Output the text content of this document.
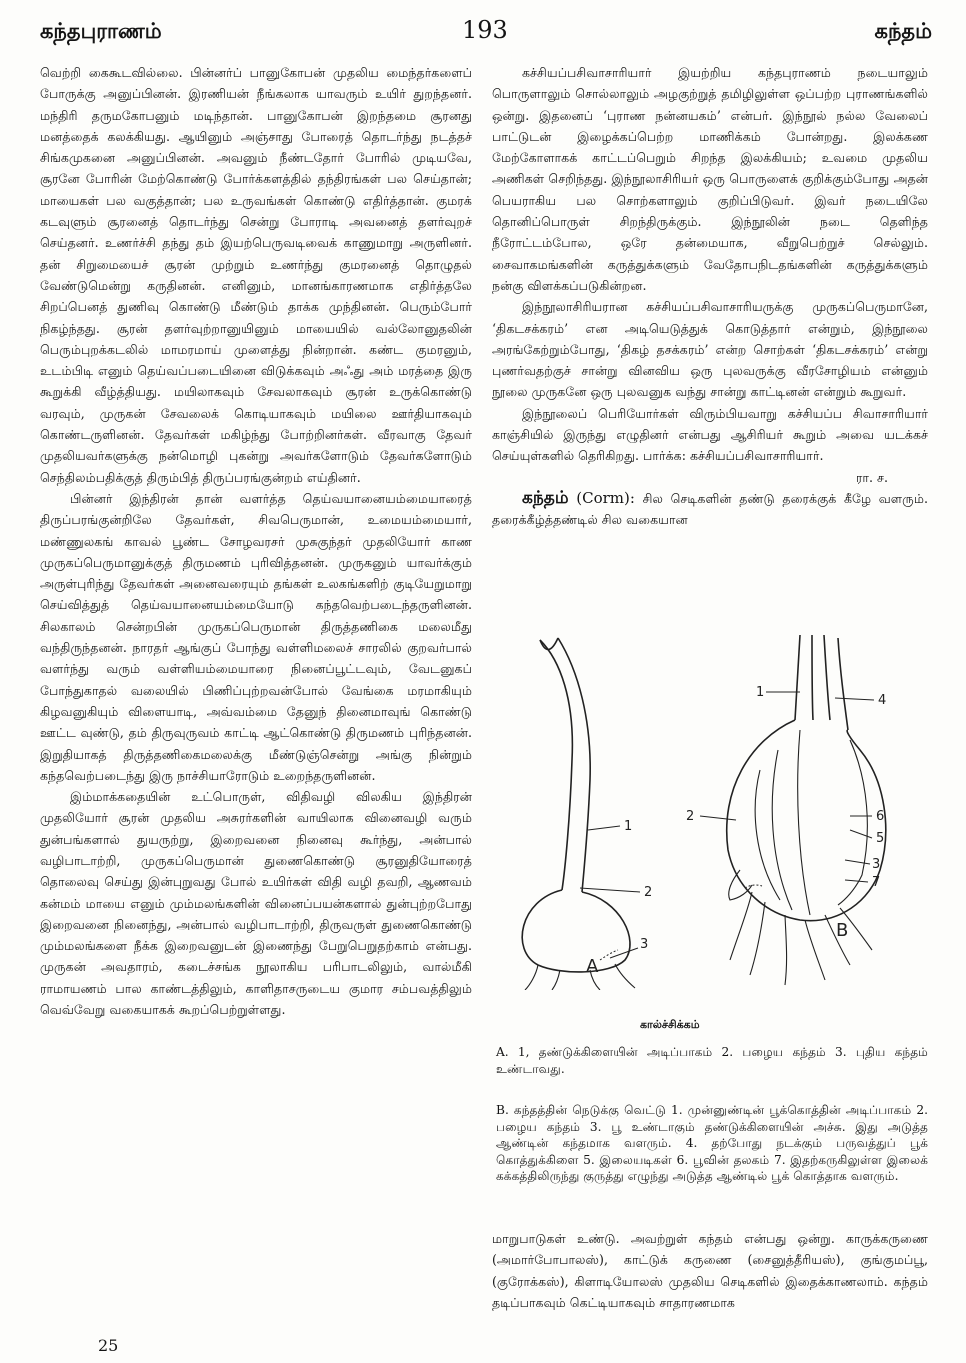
கந்தபுராணம்	193	கந்தம்

வெற்றி கைகூடவில்லை. பின்னர்ப் பானுகோபன் முதலிய மைந்தர்களைப் போருக்கு அனுப்பினன். இரணியன் நீங்கலாக யாவரும் உயிர் துறந்தனர். மந்திரி தருமகோபனும் மடிந்தான். பானுகோபன் இறந்தமை சூரனது மனத்தைக் கலக்கியது. ஆயினும் அஞ்சாது போரைத் தொடர்ந்து நடத்தச் சிங்கமுகனை அனுப்பினன். அவனும் நீண்டதோர் போரில் முடியவே, சூரனே போரின் மேற்கொண்டு போர்க்களத்தில் தந்திரங்கள் பல செய்தான்; மாயைகள் பல வகுத்தான்; பல உருவங்கள் கொண்டு எதிர்த்தான். குமரக் கடவுளும் சூரனைத் தொடர்ந்து சென்று போராடி அவனைத் தளர்வுறச் செய்தனர். உணர்ச்சி தந்து தம் இயற்பெருவடிவைக் காணுமாறு அருளினர். தன் சிறுமையைச் சூரன் முற்றும் உணர்ந்து குமரனைத் தொழுதல் வேண்டுமென்று கருதினன். எனினும், மானங்காரணமாக எதிர்த்தலே சிறப்பெனத் துணிவு கொண்டு மீண்டும் தாக்க முந்தினன். பெரும்போர் நிகழ்ந்தது. சூரன் தளர்வுற்றானுயினும் மாயையில் வல்லோனுதலின் பெரும்புறக்கடலில் மாமரமாய் முளைத்து நின்றான். கண்ட குமரனும், உடம்பிடி எனும் தெய்வப்படையினை விடுக்கவும் அஃது அம் மரத்தை இரு கூறுக்கி வீழ்த்தியது. மயிலாகவும் சேவலாகவும் சூரன் உருக்கொண்டு வரவும், முருகன் சேவலைக் கொடியாகவும் மயிலை ஊர்தியாகவும் கொண்டருளினன். தேவர்கள் மகிழ்ந்து போற்றினர்கள். வீரவாகு தேவர் முதலியவர்களுக்கு நன்மொழி புகன்று அவர்களோடும் தேவர்களோடும் செந்திலம்பதிக்குத் திரும்பித் திருப்பரங்குன்றம் எய்தினர்.

பின்னர் இந்திரன் தான் வளர்த்த தெய்வயானையம்மையாரைத் திருப்பரங்குன்றிலே தேவர்கள், சிவபெருமான், உமையம்மையார், மண்ணுலகங் காவல் பூண்ட சோழவரசர் முசுகுந்தர் முதலியோர் காண முருகப்பெருமானுக்குத் திருமணம் புரிவித்தனன். முருகனும் யாவர்க்கும் அருள்புரிந்து தேவர்கள் அனைவரையும் தங்கள் உலகங்களிற் குடியேறுமாறு செய்வித்துத் தெய்வயானையம்மையோடு கந்தவெற்படைந்தருளினன். சிலகாலம் சென்றபின் முருகப்பெருமான் திருத்தணிகை மலைமீது வந்திருந்தனன். நாரதர் ஆங்குப் போந்து வள்ளிமலைச் சாரலில் குறவர்பால் வளர்ந்து வரும் வள்ளியம்மையாரை நினைப்பூட்டவும், வேடனுகப் போந்துகாதல் வலையில் பிணிப்புற்றவன்போல் வேங்கை மரமாகியும் கிழவனுகியும் விளையாடி, அவ்வம்மை தேனுந் தினைமாவுங் கொண்டு ஊட்ட வுண்டு, தம் திருவுருவம் காட்டி ஆட்கொண்டு திருமணம் புரிந்தனன். இறுதியாகத் திருத்தணிகைமலைக்கு மீண்டுஞ்சென்று அங்கு நின்றும் கந்தவெற்படைந்து இரு நாச்சியாரோடும் உறைந்தருளினன்.

இம்மாக்கதையின் உட்பொருள், விதிவழி விலகிய இந்திரன் முதலியோர் சூரன் முதலிய அசுரர்களின் வாயிலாக வினைவழி வரும் துன்பங்களால் துயருற்று, இறைவனை நினைவு கூர்ந்து, அன்பால் வழிபாடாற்றி, முருகப்பெருமான் துணைகொண்டு சூரனுதியோரைத் தொலைவு செய்து இன்புறுவது போல் உயிர்கள் விதி வழி தவறி, ஆணவம் கன்மம் மாயை எனும் மும்மலங்களின் வினைப்பயன்களால் துன்புற்றபோது இறைவனை நினைந்து, அன்பால் வழிபாடாற்றி, திருவருள் துணைகொண்டு மும்மலங்களை நீக்க இறைவனுடன் இணைந்து பேறுபெறுதற்காம் என்பது. முருகன் அவதாரம், கடைச்சங்க நூலாகிய பரிபாடலிலும், வால்மீகி ராமாயணம் பால காண்டத்திலும், காளிதாசருடைய குமார சம்பவத்திலும் வெவ்வேறு வகையாகக் கூறப்பெற்றுள்ளது.

கச்சியப்பசிவாசாரியார் இயற்றிய கந்தபுராணம் நடையாலும் பொருளாலும் சொல்லாலும் அழகுற்றுத் தமிழிலுள்ள ஒப்பற்ற புராணங்களில் ஒன்று. இதனைப் ‘புராண நன்னயகம்’ என்பர். இந்நூல் நல்ல வேலைப் பாட்டுடன் இழைக்கப்பெற்ற மாணிக்கம் போன்றது. இலக்கண மேற்கோளாகக் காட்டப்பெறும் சிறந்த இலக்கியம்; உவமை முதலிய அணிகள் செறிந்தது. இந்நூலாசிரியர் ஒரு பொருளைக் குறிக்கும்போது அதன் பெயராகிய பல சொற்களாலும் குறிப்பிடுவர். இவர் நடையிலே தொனிப்பொருள் சிறந்திருக்கும். இந்நூலின் நடை தெளிந்த நீரோட்டம்போல, ஒரே தன்மையாக, வீறுபெற்றுச் செல்லும். சைவாகமங்களின் கருத்துக்களும் வேதோபநிடதங்களின் கருத்துக்களும் நன்கு விளக்கப்படுகின்றன.

இந்நூலாசிரியரான கச்சியப்பசிவாசாரியருக்கு முருகப்பெருமானே, ‘திகடசக்கரம்’ என அடியெடுத்துக் கொடுத்தார் என்றும், இந்நூலை அரங்கேற்றும்போது, ‘திகழ் தசக்கரம்’ என்ற சொற்கள் ‘திகடசக்கரம்’ என்று புணர்வதற்குச் சான்று வினவிய ஒரு புலவருக்கு வீரசோழியம் என்னும் நூலை முருகனே ஒரு புலவனுக வந்து சான்று காட்டினன் என்றும் கூறுவர்.

இந்நூலைப் பெரியோர்கள் விரும்பியவாறு கச்சியப்ப சிவாசாரியார் காஞ்சியில் இருந்து எழுதினர் என்பது ஆசிரியர் கூறும் அவை யடக்கச் செய்யுள்களில் தெரிகிறது. பார்க்க: கச்சியப்பசிவாசாரியார்.

ரா. ச.

கந்தம் (Corm): சில செடிகளின் தண்டு தரைக்குக் கீழே வளரும். தரைக்கீழ்த்தண்டில் சில வகையான

1
2
3
A
1
2
3
4
5
6
7
B
கால்ச்சிக்கம்
A. 1, தண்டுக்கிளையின் அடிப்பாகம் 2. பழைய கந்தம் 3. புதிய கந்தம் உண்டாவது.
B. கந்தத்தின் நெடுக்கு வெட்டு 1. முன்னுண்டின் பூக்கொத்தின் அடிப்பாகம் 2. பழைய கந்தம் 3. பூ உண்டாகும் தண்டுக்கிளையின் அச்சு. இது அடுத்த ஆண்டின் கந்தமாக வளரும். 4. தற்போது நடக்கும் பருவத்துப் பூக் கொத்துக்கிளை 5. இலையடிகள் 6. பூவின் தலகம் 7. இதற்கருகிலுள்ள இலைக் கக்கத்திலிருந்து குருத்து எழுந்து அடுத்த ஆண்டில் பூக் கொத்தாக வளரும்.
மாறுபாடுகள் உண்டு. அவற்றுள் கந்தம் என்பது ஒன்று. காருக்கருணை (அமார்போபாலஸ்), காட்டுக் கருணை (சைனுத்தீரியஸ்), குங்குமப்பூ, (குரோக்கஸ்), கிளாடியோலஸ் முதலிய செடிகளில் இதைக்காணலாம். கந்தம் தடிப்பாகவும் கெட்டியாகவும் சாதாரணமாக
25
